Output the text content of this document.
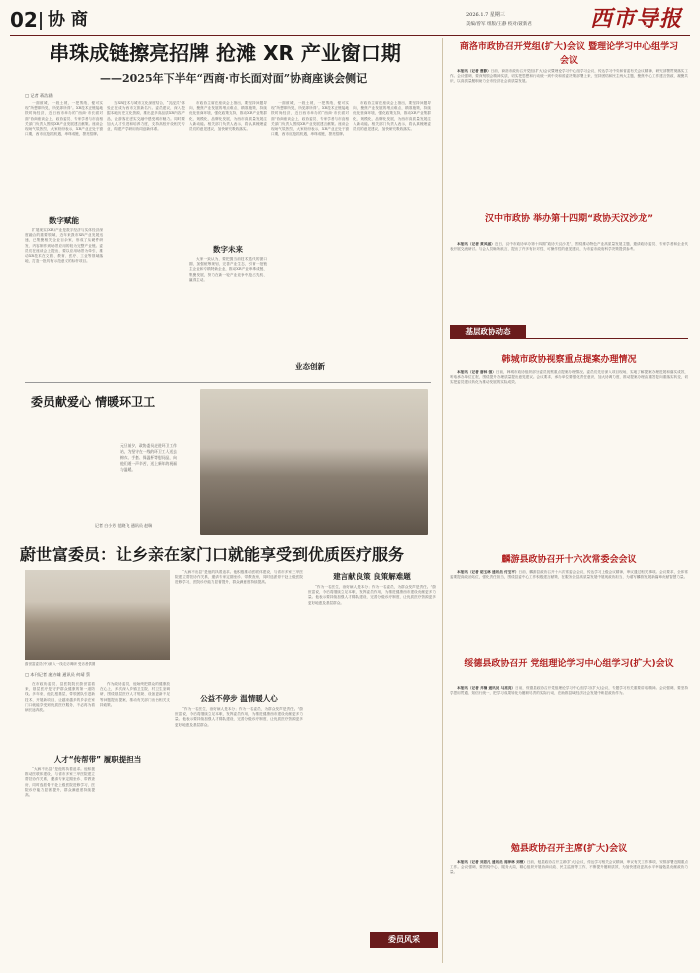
02 协 商	2026.1.7 星期三
美编/曾军 组版/王静 校对/聂新君	西市导报
串珠成链擦亮招牌 抢滩 XR 产业窗口期
——2025年下半年“西商·市长面对面”协商座谈会侧记
□ 记者 蒋浩涵

一面被城，一段土坡，一把剪纸，便可实现“所想即所见，所见即所得”。XR技术正链接地铁时尚经济，近日西市举办的“西商·市长面对面”协商座谈会上，政协委员、专家学者与市直相关部门负责人围绕XR产业发展建言献策。座谈会现场气氛热烈，大家纷纷表示，XR产业正处于窗口期，西市应抢抓机遇，串珠成链，擦亮招牌。

数字赋能

扩展现实(XR)产业是数字经济与实体经济深度融合的重要领域，近年来我市XR产业发展迅速，已集聚相关企业百余家，形成了从硬件研发、内容制作到场景应用的较为完整产业链。委员们在座谈会上提出，要以应用场景为牵引，推动XR技术在文旅、教育、医疗、工业等领域落地，打造一批具有示范意义的标杆项目。

当XR技术与城市文化深度结合，“沉浸式”体验正在成为西市文旅新名片。委员建议，深入挖掘本地历史文化资源，推出更多高品质XR内容产品，让游客在虚实交融中感受城市魅力。同时要加大人才引进和培养力度，支持高校开设相关专业，构建产学研用协同创新体系。

市政协主席在座谈会上指出，要坚持问题导向，聚焦产业发展的堵点难点，精准施策，持续优化营商环境，强化政策支持，推动XR产业集群化、规模化、品牌化发展，为西市高质量发展注入新动能。相关部门负责人表示，将认真梳理委员们的意见建议，加快研究吸收落实。

数字未来

大家一致认为，要把握当前技术迭代的窗口期，加强统筹规划，完善产业生态，引育一批链主企业和专精特新企业，推动XR产业串珠成链、集聚发展，努力在新一轮产业竞争中抢占先机、赢得主动。

一面被城，一段土坡，一把剪纸，便可实现“所想即所见，所见即所得”。XR技术正链接地铁时尚经济，近日西市举办的“西商·市长面对面”协商座谈会上，政协委员、专家学者与市直相关部门负责人围绕XR产业发展建言献策。座谈会现场气氛热烈，大家纷纷表示，XR产业正处于窗口期，西市应抢抓机遇，串珠成链，擦亮招牌。

业态创新

市政协主席在座谈会上指出，要坚持问题导向，聚焦产业发展的堵点难点，精准施策，持续优化营商环境，强化政策支持，推动XR产业集群化、规模化、品牌化发展，为西市高质量发展注入新动能。相关部门负责人表示，将认真梳理委员们的意见建议，加快研究吸收落实。

委员献爱心 情暖环卫工
元旦前夕，政协委员走进环卫工作站，为坚守在一线的环卫工人送去棉衣、手套、保温杯等慰问品，向他们道一声辛苦，送上新年的祝福与温暖。
记者 白小芳 范晓飞 通讯员 赵瑞
蔚世富委员：让乡亲在家门口就能享受到优质医疗服务
蔚世富委员(中)深入一线走访调研 受访者供图
□ 本刊记者 庞亦雄 通讯员 何靖 蔡

在市政协委员、县医院院长蔚世富看来，基层医疗是守护群众健康的第一道防线。多年来，他扎根基层，带领团队引进新技术、开展新项目，让越来越多的乡亲在家门口就能享受到优质医疗服务，不必再为看病长途奔波。

人才“传帮带” 履职提担当

“大病不出县”是他的执着追求。他积极推动医联体建设，与省市多家三甲医院建立帮扶协作关系，邀请专家定期坐诊、带教查房，同时选派骨干赴上级医院进修学习，医院诊疗能力显著提升，群众满意度持续提高。

作为政协委员，他始终把群众的健康放在心上，多次深入乡镇卫生院、村卫生室调研，围绕基层医疗人才短缺、设备更新不足等问题提出提案，推动有关部门出台相关支持政策。

“大病不出县”是他的执着追求。他积极推动医联体建设，与省市多家三甲医院建立帮扶协作关系，邀请专家定期坐诊、带教查房，同时选派骨干赴上级医院进修学习，医院诊疗能力显著提升，群众满意度持续提高。

公益不停步 温情暖人心

“作为一名医生，治好病人是本分；作为一名委员，为群众发声是责任。”蔚世富说，今后将继续立足本职，发挥委员作用，为推进健康西市建设贡献更多力量。他表示要持续加强人才梯队建设，完善分级诊疗制度，让优质医疗资源更多更好地惠及基层群众。

建言献良策 良策解难题

“作为一名医生，治好病人是本分；作为一名委员，为群众发声是责任。”蔚世富说，今后将继续立足本职，发挥委员作用，为推进健康西市建设贡献更多力量。他表示要持续加强人才梯队建设，完善分级诊疗制度，让优质医疗资源更多更好地惠及基层群众。

委员风采
商洛市政协召开党组(扩大)会议 暨理论学习中心组学习会议

本报讯（记者 曹静）日前，商洛市政协召开党组(扩大)会议暨理论学习中心组学习会议，传达学习中央和省委有关会议精神，研究部署贯彻落实工作。会议强调，要深刻领会精神实质，切实把思想和行动统一到中央和省委决策部署上来，坚持团结和民主两大主题，聚焦中心工作建言资政、凝聚共识，以高质量履职助力全市经济社会高质量发展。

汉中市政协 举办第十四期“政协天汉沙龙”

本报讯（记者 黄凤丽）近日，汉中市政协举办第十四期“政协天汉沙龙”，围绕推动特色产业高质量发展主题，邀请政协委员、专家学者和企业代表开展交流研讨。与会人员畅所欲言，提出了许多有针对性、可操作性的意见建议，为市委市政府科学决策提供参考。

基层政协动态
韩城市政协视察重点提案办理情况

本报讯（记者 唐林 强）日前，韩城市政协组织部分委员视察重点提案办理情况。委员们先后深入项目现场，实地了解提案办理进展和落实成效，听取承办单位汇报，围绕提升办理质量提出意见建议。会议要求，承办单位要强化责任意识，加大协调力度，推动提案办理由重答复向重落实转变，切实把委员建议转化为推动发展的实际成效。

麟游县政协召开十六次常委会会议

本报讯（记者 胡玉林 通讯员 付宝平）日前，麟游县政协召开十六次常委会会议，传达学习上级会议精神，审议通过相关事项。会议要求，全体常委要提高政治站位，强化责任担当，围绕县委中心工作积极建言献策，在服务全县高质量发展中展现政协担当，为谱写麟游发展新篇章贡献智慧力量。

绥德县政协召开 党组理论学习中心组学习(扩大)会议

本报讯（记者 井楠 通讯员 马亮亮）日前，绥德县政协召开党组理论学习中心组学习(扩大)会议，专题学习有关重要讲话精神。会议强调，要坚持学思用贯通、知信行统一，把学习成果转化为履职尽责的实际行动，在助推县域经济社会发展中彰显政协作为。

勉县政协召开主席(扩大)会议

本报讯（记者 刘思凡 通讯员 周泽林 刘栖）日前，勉县政协召开主席(扩大)会议，传达学习相关会议精神，审议有关工作事项，安排部署近期重点工作。会议强调，要围绕中心、服务大局，精心组织开展协商议政、民主监督等工作，不断提升履职质效，为加快建设更高水平幸福勉县贡献政协力量。
